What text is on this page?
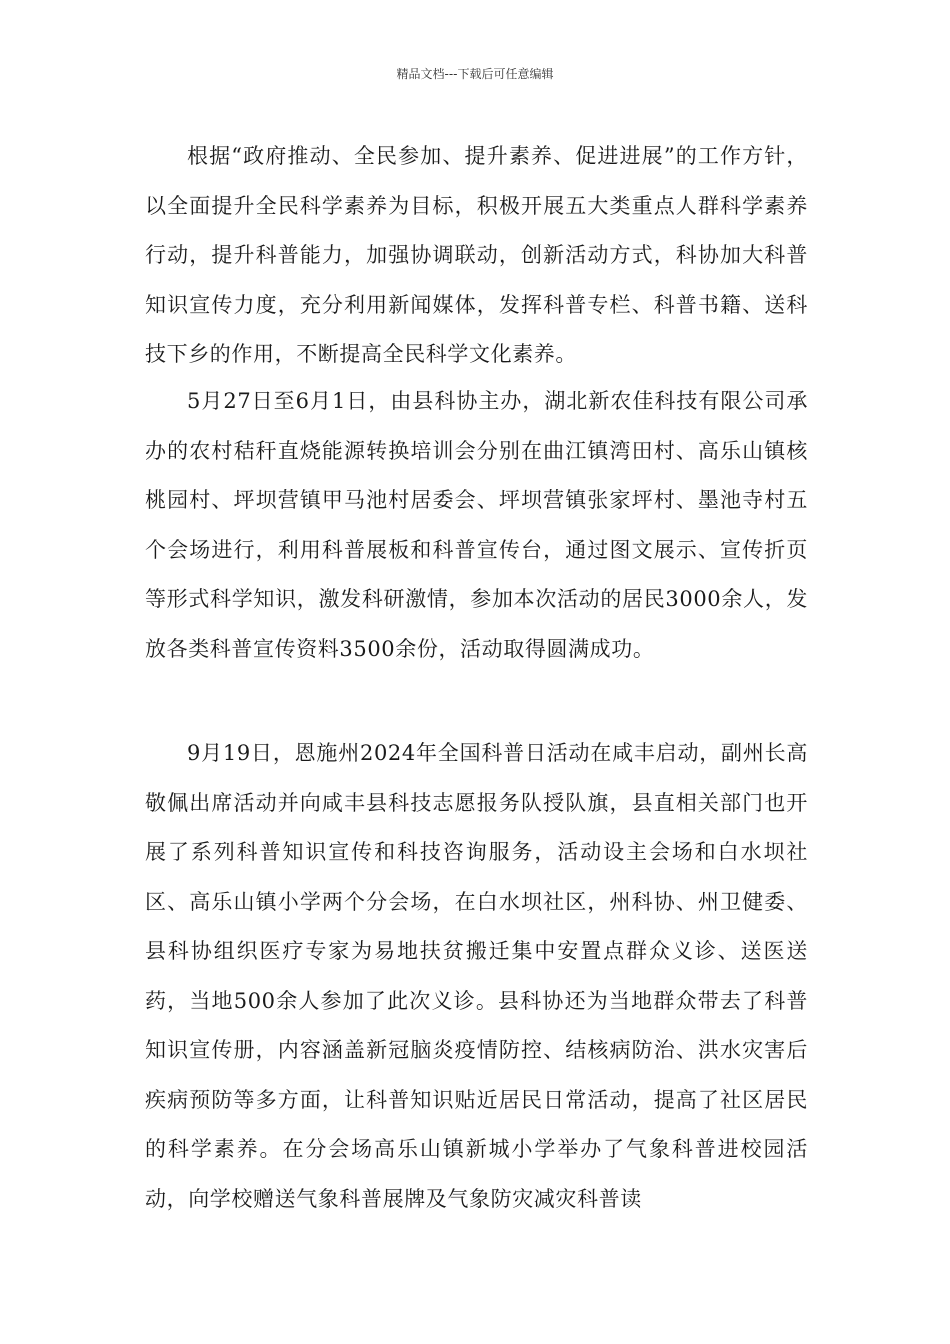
精品文档---下载后可任意编辑

根据“政府推动、全民参加、提升素养、促进进展”的工作方针，以全面提升全民科学素养为目标，积极开展五大类重点人群科学素养行动，提升科普能力，加强协调联动，创新活动方式，科协加大科普知识宣传力度，充分利用新闻媒体，发挥科普专栏、科普书籍、送科技下乡的作用，不断提高全民科学文化素养。

5月27日至6月1日，由县科协主办，湖北新农佳科技有限公司承办的农村秸秆直烧能源转换培训会分别在曲江镇湾田村、高乐山镇核桃园村、坪坝营镇甲马池村居委会、坪坝营镇张家坪村、墨池寺村五个会场进行，利用科普展板和科普宣传台，通过图文展示、宣传折页等形式科学知识，激发科研激情，参加本次活动的居民3000余人，发放各类科普宣传资料3500余份，活动取得圆满成功。

9月19日，恩施州2024年全国科普日活动在咸丰启动，副州长高敬佩出席活动并向咸丰县科技志愿报务队授队旗，县直相关部门也开展了系列科普知识宣传和科技咨询服务，活动设主会场和白水坝社区、高乐山镇小学两个分会场，在白水坝社区，州科协、州卫健委、县科协组织医疗专家为易地扶贫搬迁集中安置点群众义诊、送医送药，当地500余人参加了此次义诊。县科协还为当地群众带去了科普知识宣传册，内容涵盖新冠脑炎疫情防控、结核病防治、洪水灾害后疾病预防等多方面，让科普知识贴近居民日常活动，提高了社区居民的科学素养。在分会场高乐山镇新城小学举办了气象科普进校园活动，向学校赠送气象科普展牌及气象防灾减灾科普读
